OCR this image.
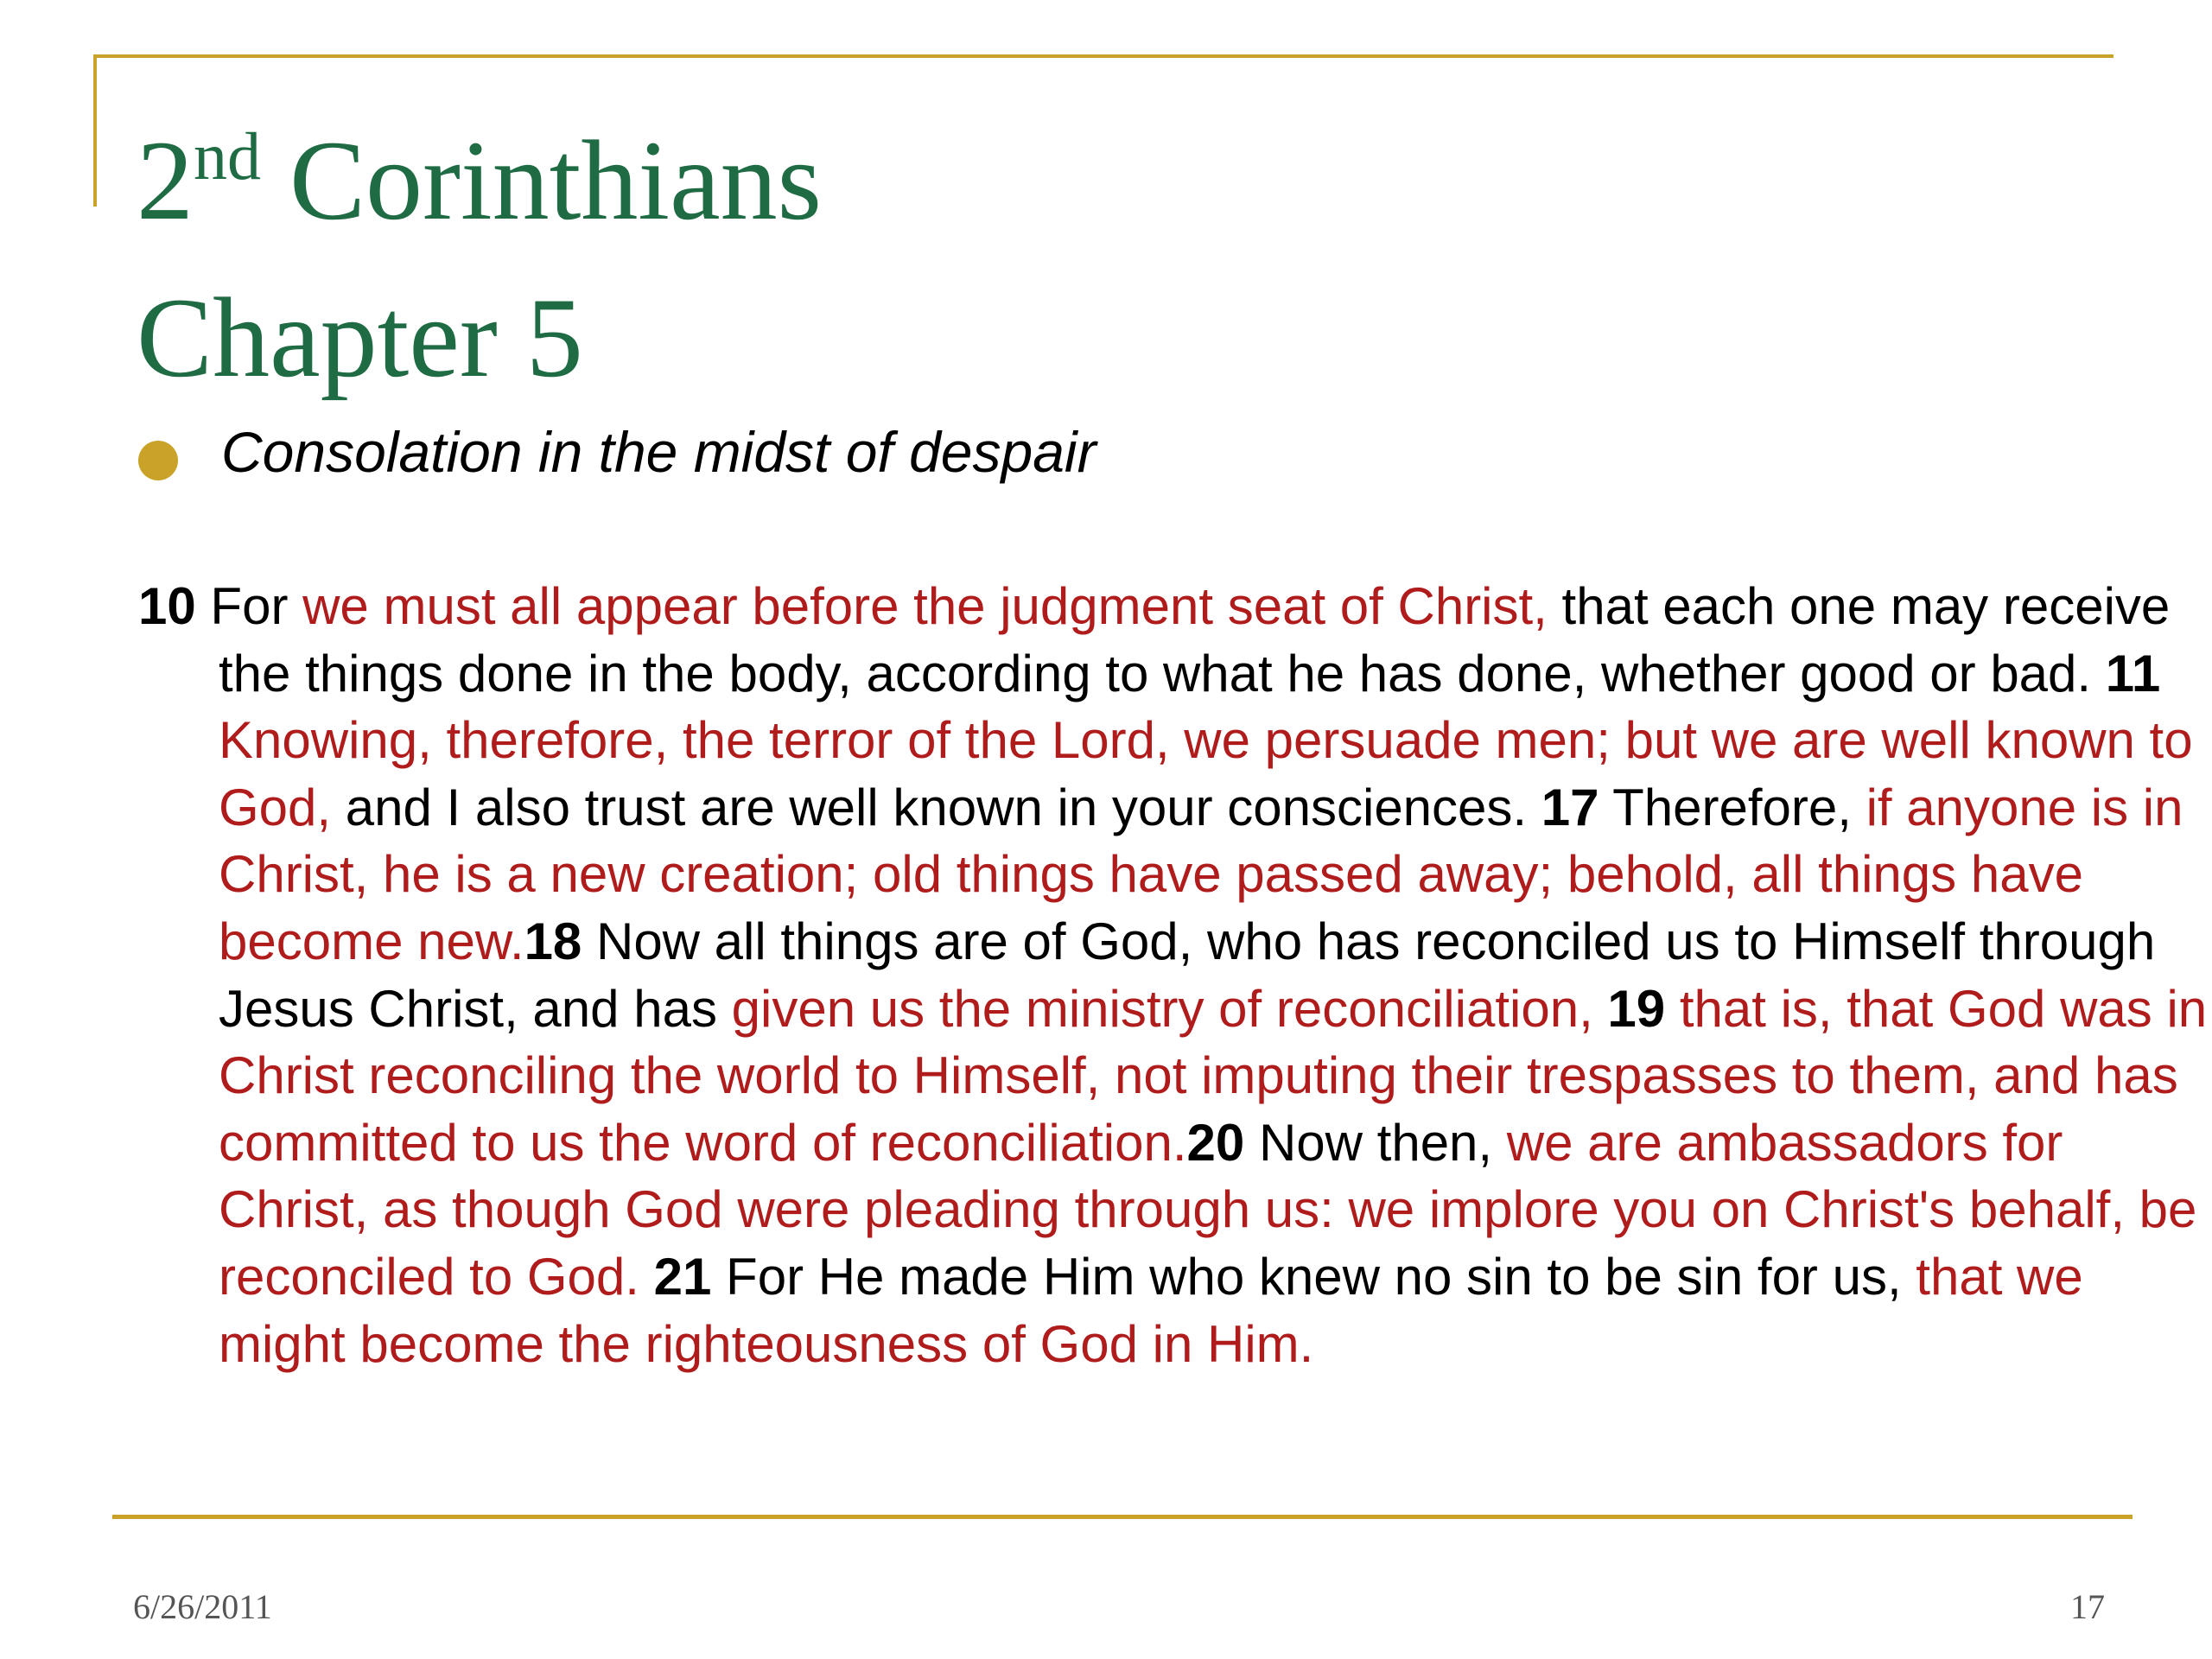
2nd Corinthians
Chapter 5
Consolation in the midst of despair

10 For we must all appear before the judgment seat of Christ, that each one may receive the things done in the body, according to what he has done, whether good or bad. 11 Knowing, therefore, the terror of the Lord, we persuade men; but we are well known to God, and I also trust are well known in your consciences. 17 Therefore, if anyone is in Christ, he is a new creation; old things have passed away; behold, all things have become new.18 Now all things are of God, who has reconciled us to Himself through Jesus Christ, and has given us the ministry of reconciliation, 19 that is, that God was in Christ reconciling the world to Himself, not imputing their trespasses to them, and has committed to us the word of reconciliation.20 Now then, we are ambassadors for Christ, as though God were pleading through us: we implore you on Christ's behalf, be reconciled to God. 21 For He made Him who knew no sin to be sin for us, that we might become the righteousness of God in Him.

6/26/2011	17
